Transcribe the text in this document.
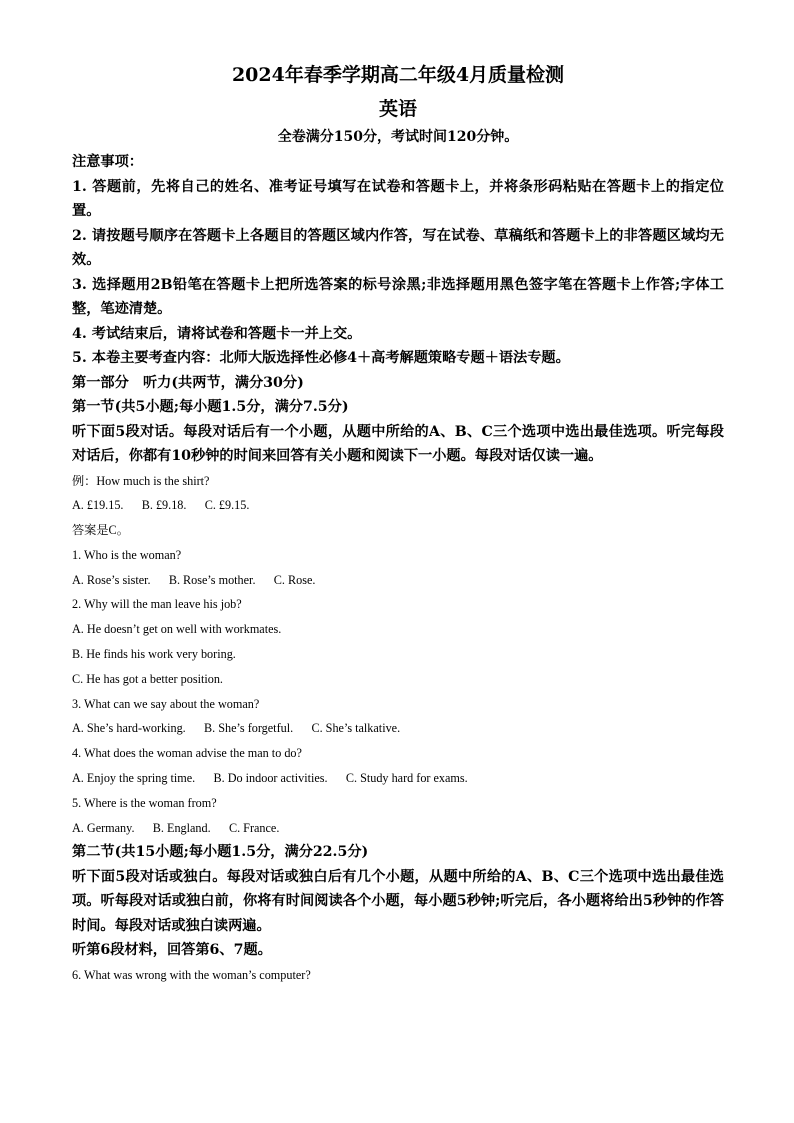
2024年春季学期高二年级4月质量检测
英语
全卷满分150分，考试时间120分钟。

注意事项：

1. 答题前，先将自己的姓名、准考证号填写在试卷和答题卡上，并将条形码粘贴在答题卡上的指定位置。

2. 请按题号顺序在答题卡上各题目的答题区域内作答，写在试卷、草稿纸和答题卡上的非答题区域均无效。

3. 选择题用2B铅笔在答题卡上把所选答案的标号涂黑;非选择题用黑色签字笔在答题卡上作答;字体工整，笔迹清楚。

4. 考试结束后，请将试卷和答题卡一并上交。

5. 本卷主要考查内容：北师大版选择性必修4＋高考解题策略专题＋语法专题。

第一部分　听力(共两节，满分30分)

第一节(共5小题;每小题1.5分，满分7.5分)

听下面5段对话。每段对话后有一个小题，从题中所给的A、B、C三个选项中选出最佳选项。听完每段对话后，你都有10秒钟的时间来回答有关小题和阅读下一小题。每段对话仅读一遍。

例：How much is the shirt?

A. £19.15.      B. £9.18.      C. £9.15.

答案是C。

1. Who is the woman?

A. Rose’s sister.      B. Rose’s mother.      C. Rose.

2. Why will the man leave his job?

A. He doesn’t get on well with workmates.

B. He finds his work very boring.

C. He has got a better position.

3. What can we say about the woman?

A. She’s hard-working.      B. She’s forgetful.      C. She’s talkative.

4. What does the woman advise the man to do?

A. Enjoy the spring time.      B. Do indoor activities.      C. Study hard for exams.

5. Where is the woman from?

A. Germany.      B. England.      C. France.

第二节(共15小题;每小题1.5分，满分22.5分)

听下面5段对话或独白。每段对话或独白后有几个小题，从题中所给的A、B、C三个选项中选出最佳选项。听每段对话或独白前，你将有时间阅读各个小题，每小题5秒钟;听完后，各小题将给出5秒钟的作答时间。每段对话或独白读两遍。

听第6段材料，回答第6、7题。

6. What was wrong with the woman’s computer?
